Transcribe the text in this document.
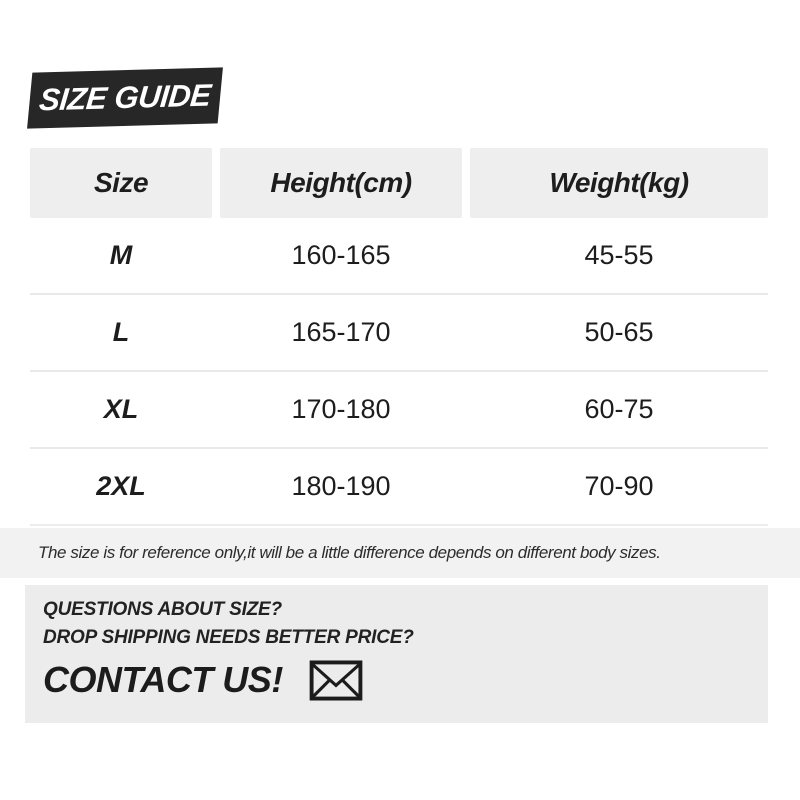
SIZE GUIDE
Size	Height(cm)	Weight(kg)
M	160-165	45-55
L	165-170	50-65
XL	170-180	60-75
2XL	180-190	70-90
The size is for reference only,it will be a little difference depends on different body sizes.
QUESTIONS ABOUT SIZE?
DROP SHIPPING NEEDS BETTER PRICE?
CONTACT US!
